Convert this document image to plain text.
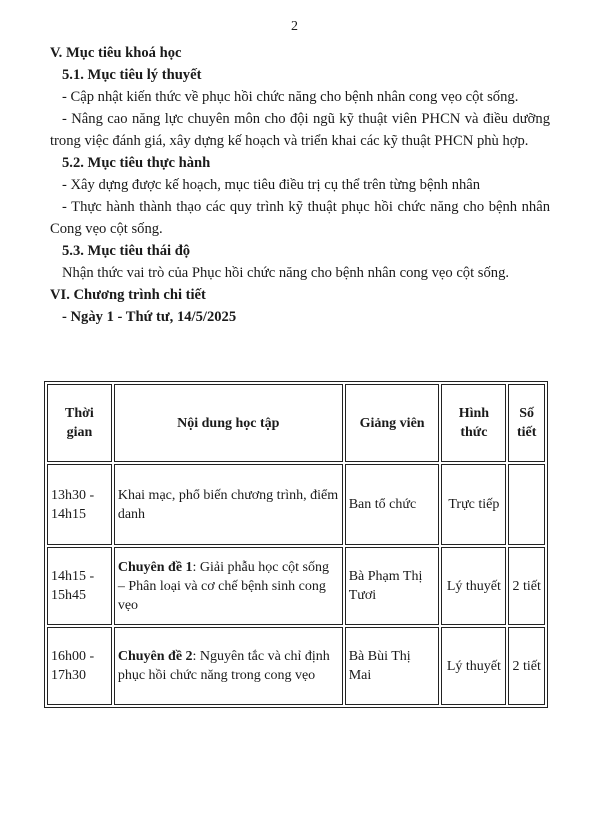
2

V. Mục tiêu khoá học

5.1. Mục tiêu lý thuyết

- Cập nhật kiến thức về phục hồi chức năng cho bệnh nhân cong vẹo cột sống.

- Nâng cao năng lực chuyên môn cho đội ngũ kỹ thuật viên PHCN và điều dưỡng trong việc đánh giá, xây dựng kế hoạch và triển khai các kỹ thuật PHCN phù hợp.

5.2. Mục tiêu thực hành

- Xây dựng được kế hoạch, mục tiêu điều trị cụ thể trên từng bệnh nhân

- Thực hành thành thạo các quy trình kỹ thuật phục hồi chức năng cho bệnh nhân Cong vẹo cột sống.

5.3. Mục tiêu thái độ

Nhận thức vai trò của Phục hồi chức năng cho bệnh nhân cong vẹo cột sống.

VI. Chương trình chi tiết

- Ngày 1 - Thứ tư, 14/5/2025

Thời gian	Nội dung học tập	Giảng viên	Hình thức	Số tiết
13h30 - 14h15	Khai mạc, phổ biến chương trình, điểm danh	Ban tổ chức	Trực tiếp	
14h15 - 15h45	Chuyên đề 1: Giải phẫu học cột sống – Phân loại và cơ chế bệnh sinh cong vẹo	Bà Phạm Thị Tươi	Lý thuyết	2 tiết
16h00 - 17h30	Chuyên đề 2: Nguyên tắc và chỉ định phục hồi chức năng trong cong vẹo	Bà Bùi Thị Mai	Lý thuyết	2 tiết
